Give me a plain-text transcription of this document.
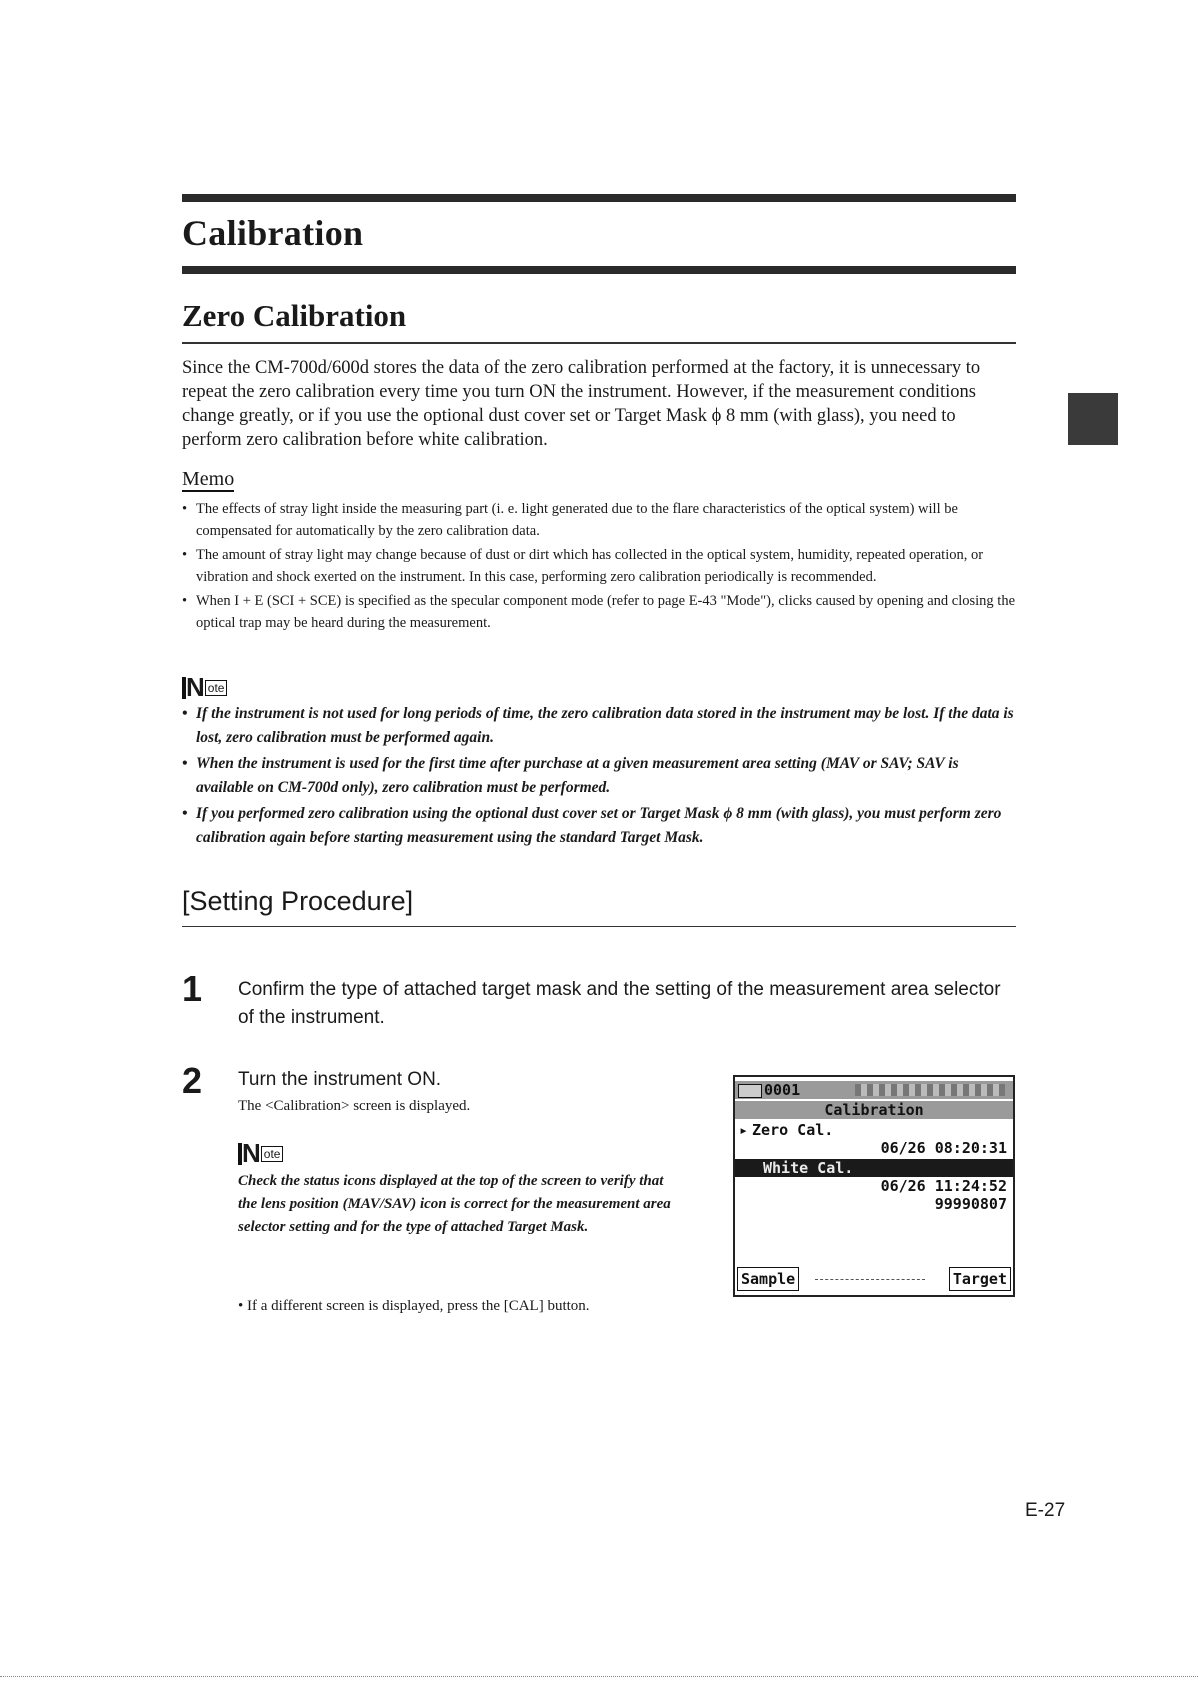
Calibration
Zero Calibration
Since the CM-700d/600d stores the data of the zero calibration performed at the factory, it is unnecessary to repeat the zero calibration every time you turn ON the instrument. However, if the measurement conditions change greatly, or if you use the optional dust cover set or Target Mask ϕ 8 mm (with glass), you need to perform zero calibration before white calibration.
Memo
• The effects of stray light inside the measuring part (i. e. light generated due to the flare characteristics of the optical system) will be compensated for automatically by the zero calibration data.
• The amount of stray light may change because of dust or dirt which has collected in the optical system, humidity, repeated operation, or vibration and shock exerted on the instrument. In this case, performing zero calibration periodically is recommended.
• When I + E (SCI + SCE) is specified as the specular component mode (refer to page E-43 "Mode"), clicks caused by opening and closing the optical trap may be heard during the measurement.
N ote
• If the instrument is not used for long periods of time, the zero calibration data stored in the instrument may be lost. If the data is lost, zero calibration must be performed again.
• When the instrument is used for the first time after purchase at a given measurement area setting (MAV or SAV; SAV is available on CM-700d only), zero calibration must be performed.
• If you performed zero calibration using the optional dust cover set or Target Mask ϕ 8 mm (with glass), you must perform zero calibration again before starting measurement using the standard Target Mask.
[Setting Procedure]
1 Confirm the type of attached target mask and the setting of the measurement area selector of the instrument.
2 Turn the instrument ON.
The <Calibration> screen is displayed.
N ote
Check the status icons displayed at the top of the screen to verify that the lens position (MAV/SAV) icon is correct for the measurement area selector setting and for the type of attached Target Mask.
• If a different screen is displayed, press the [CAL] button.
0001
Calibration
▸ Zero Cal.
06/26 08:20:31
White Cal.
06/26 11:24:52
99990807
Sample	Target
E-27
